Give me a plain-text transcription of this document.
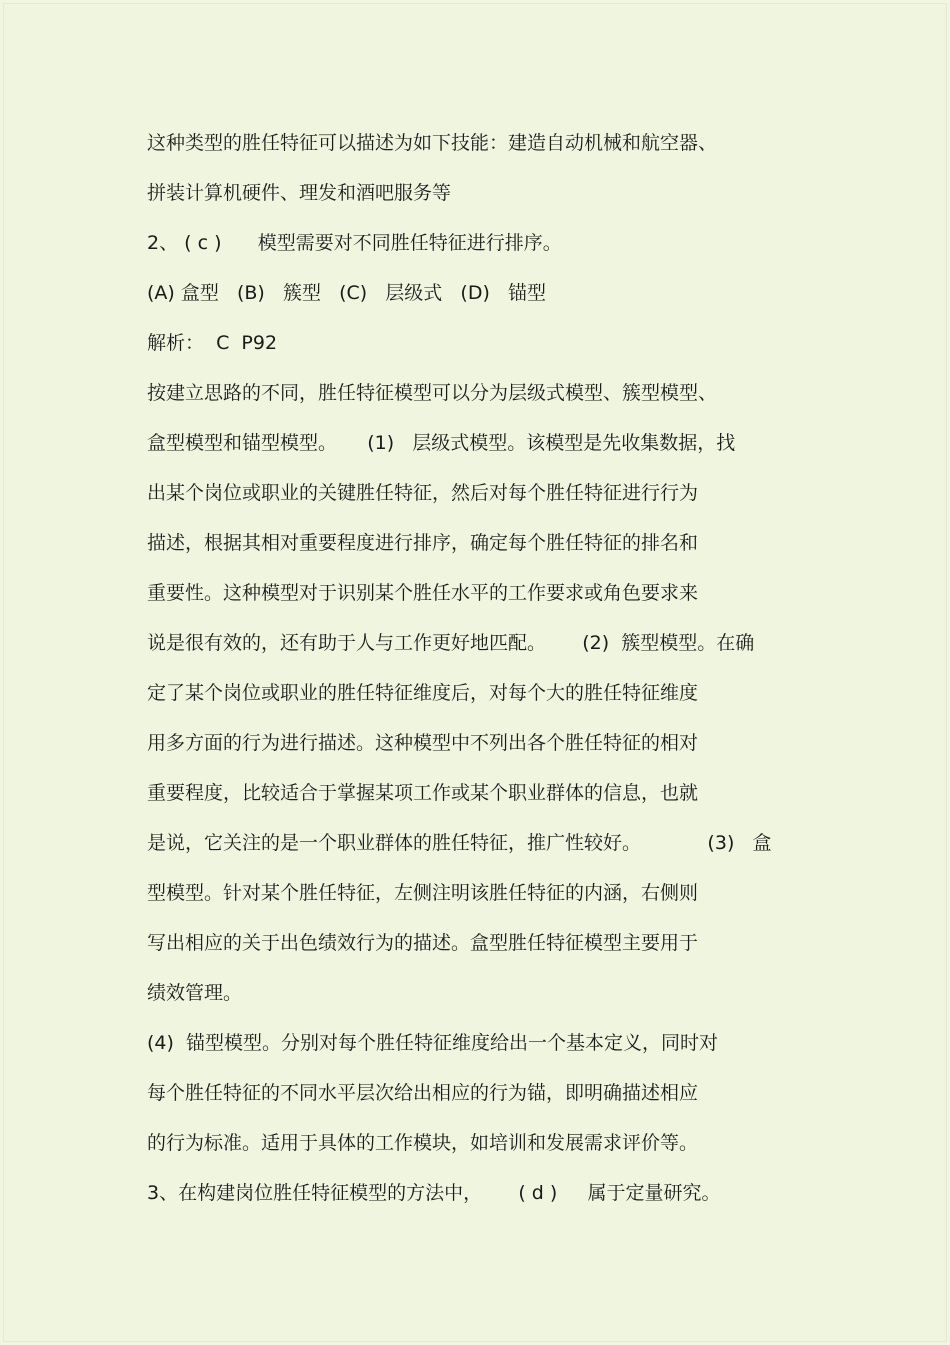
这种类型的胜任特征可以描述为如下技能：建造自动机械和航空器、
拼装计算机硬件、理发和酒吧服务等
2、 ( c )      模型需要对不同胜任特征进行排序。
(A) 盒型   (B)   簇型   (C)   层级式   (D)   锚型
解析：  C  P92
按建立思路的不同，胜任特征模型可以分为层级式模型、簇型模型、
盒型模型和锚型模型。     (1)   层级式模型。该模型是先收集数据，找
出某个岗位或职业的关键胜任特征，然后对每个胜任特征进行行为
描述，根据其相对重要程度进行排序，确定每个胜任特征的排名和
重要性。这种模型对于识别某个胜任水平的工作要求或角色要求来
说是很有效的，还有助于人与工作更好地匹配。      (2)  簇型模型。在确
定了某个岗位或职业的胜任特征维度后，对每个大的胜任特征维度
用多方面的行为进行描述。这种模型中不列出各个胜任特征的相对
重要程度，比较适合于掌握某项工作或某个职业群体的信息，也就
是说，它关注的是一个职业群体的胜任特征，推广性较好。           (3)   盒
型模型。针对某个胜任特征，左侧注明该胜任特征的内涵，右侧则
写出相应的关于出色绩效行为的描述。盒型胜任特征模型主要用于
绩效管理。
(4)  锚型模型。分别对每个胜任特征维度给出一个基本定义，同时对
每个胜任特征的不同水平层次给出相应的行为锚，即明确描述相应
的行为标准。适用于具体的工作模块，如培训和发展需求评价等。
3、在构建岗位胜任特征模型的方法中，      ( d )     属于定量研究。
